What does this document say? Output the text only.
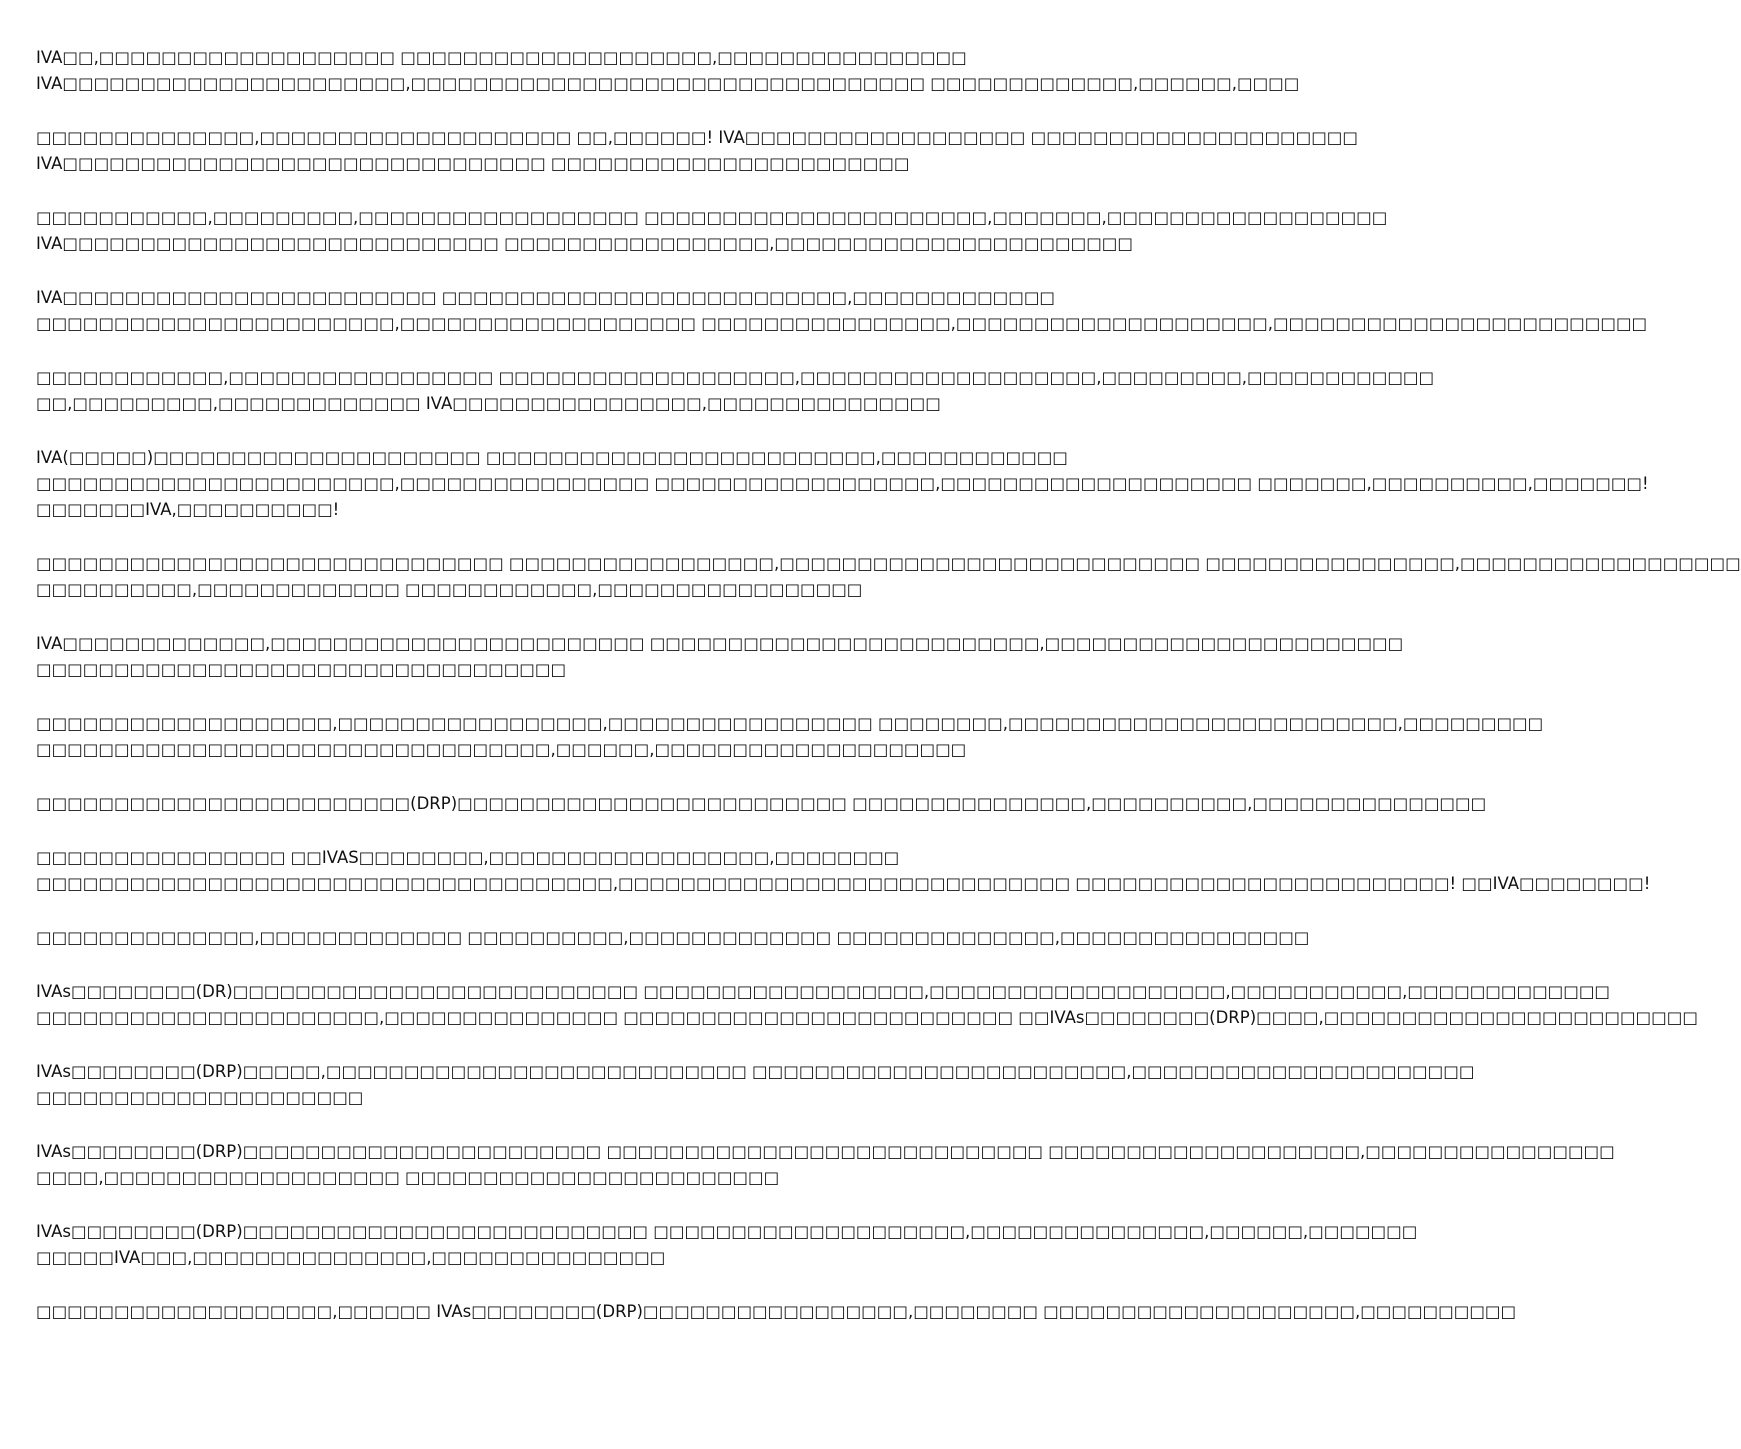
IVA□□,□□□□□□□□□□□□□□□□□□□ □□□□□□□□□□□□□□□□□□□□,□□□□□□□□□□□□□□□□
IVA□□□□□□□□□□□□□□□□□□□□□□,□□□□□□□□□□□□□□□□□□□□□□□□□□□□□□□□□ □□□□□□□□□□□□□,□□□□□□,□□□□

□□□□□□□□□□□□□□,□□□□□□□□□□□□□□□□□□□□ □□,□□□□□□! IVA□□□□□□□□□□□□□□□□□□ □□□□□□□□□□□□□□□□□□□□□
IVA□□□□□□□□□□□□□□□□□□□□□□□□□□□□□□□ □□□□□□□□□□□□□□□□□□□□□□□

□□□□□□□□□□□,□□□□□□□□□,□□□□□□□□□□□□□□□□□□ □□□□□□□□□□□□□□□□□□□□□□,□□□□□□□,□□□□□□□□□□□□□□□□□□
IVA□□□□□□□□□□□□□□□□□□□□□□□□□□□□ □□□□□□□□□□□□□□□□□,□□□□□□□□□□□□□□□□□□□□□□□

IVA□□□□□□□□□□□□□□□□□□□□□□□□ □□□□□□□□□□□□□□□□□□□□□□□□□□,□□□□□□□□□□□□□
□□□□□□□□□□□□□□□□□□□□□□□,□□□□□□□□□□□□□□□□□□□ □□□□□□□□□□□□□□□□,□□□□□□□□□□□□□□□□□□□□,□□□□□□□□□□□□□□□□□□□□□□□□

□□□□□□□□□□□□,□□□□□□□□□□□□□□□□□ □□□□□□□□□□□□□□□□□□□,□□□□□□□□□□□□□□□□□□□,□□□□□□□□□,□□□□□□□□□□□□
□□,□□□□□□□□□,□□□□□□□□□□□□□ IVA□□□□□□□□□□□□□□□□,□□□□□□□□□□□□□□□

IVA(□□□□□)□□□□□□□□□□□□□□□□□□□□□ □□□□□□□□□□□□□□□□□□□□□□□□□,□□□□□□□□□□□□
□□□□□□□□□□□□□□□□□□□□□□□,□□□□□□□□□□□□□□□□ □□□□□□□□□□□□□□□□□□,□□□□□□□□□□□□□□□□□□□□ □□□□□□□,□□□□□□□□□□,□□□□□□□!
□□□□□□□IVA,□□□□□□□□□□!

□□□□□□□□□□□□□□□□□□□□□□□□□□□□□□ □□□□□□□□□□□□□□□□□,□□□□□□□□□□□□□□□□□□□□□□□□□□□ □□□□□□□□□□□□□□□□,□□□□□□□□□□□□□□□□□□
□□□□□□□□□□,□□□□□□□□□□□□□ □□□□□□□□□□□□,□□□□□□□□□□□□□□□□□

IVA□□□□□□□□□□□□□,□□□□□□□□□□□□□□□□□□□□□□□□ □□□□□□□□□□□□□□□□□□□□□□□□□,□□□□□□□□□□□□□□□□□□□□□□□
□□□□□□□□□□□□□□□□□□□□□□□□□□□□□□□□□□

□□□□□□□□□□□□□□□□□□□,□□□□□□□□□□□□□□□□□,□□□□□□□□□□□□□□□□□ □□□□□□□□,□□□□□□□□□□□□□□□□□□□□□□□□□,□□□□□□□□□
□□□□□□□□□□□□□□□□□□□□□□□□□□□□□□□□□,□□□□□□,□□□□□□□□□□□□□□□□□□□□

□□□□□□□□□□□□□□□□□□□□□□□□(DRP)□□□□□□□□□□□□□□□□□□□□□□□□□ □□□□□□□□□□□□□□□,□□□□□□□□□□,□□□□□□□□□□□□□□□

□□□□□□□□□□□□□□□□ □□IVAS□□□□□□□□,□□□□□□□□□□□□□□□□□□,□□□□□□□□
□□□□□□□□□□□□□□□□□□□□□□□□□□□□□□□□□□□□□,□□□□□□□□□□□□□□□□□□□□□□□□□□□□□ □□□□□□□□□□□□□□□□□□□□□□□□! □□IVA□□□□□□□□!

□□□□□□□□□□□□□□,□□□□□□□□□□□□□ □□□□□□□□□□,□□□□□□□□□□□□□ □□□□□□□□□□□□□□,□□□□□□□□□□□□□□□□

IVAs□□□□□□□□(DR)□□□□□□□□□□□□□□□□□□□□□□□□□□ □□□□□□□□□□□□□□□□□□,□□□□□□□□□□□□□□□□□□□,□□□□□□□□□□□,□□□□□□□□□□□□□
□□□□□□□□□□□□□□□□□□□□□□,□□□□□□□□□□□□□□□ □□□□□□□□□□□□□□□□□□□□□□□□□ □□IVAs□□□□□□□□(DRP)□□□□,□□□□□□□□□□□□□□□□□□□□□□□□

IVAs□□□□□□□□(DRP)□□□□□,□□□□□□□□□□□□□□□□□□□□□□□□□□□ □□□□□□□□□□□□□□□□□□□□□□□□,□□□□□□□□□□□□□□□□□□□□□□
□□□□□□□□□□□□□□□□□□□□□

IVAs□□□□□□□□(DRP)□□□□□□□□□□□□□□□□□□□□□□□ □□□□□□□□□□□□□□□□□□□□□□□□□□□□ □□□□□□□□□□□□□□□□□□□□,□□□□□□□□□□□□□□□□
□□□□,□□□□□□□□□□□□□□□□□□□ □□□□□□□□□□□□□□□□□□□□□□□□

IVAs□□□□□□□□(DRP)□□□□□□□□□□□□□□□□□□□□□□□□□□ □□□□□□□□□□□□□□□□□□□□,□□□□□□□□□□□□□□□,□□□□□□,□□□□□□□
□□□□□IVA□□□,□□□□□□□□□□□□□□□,□□□□□□□□□□□□□□□

□□□□□□□□□□□□□□□□□□□,□□□□□□ IVAs□□□□□□□□(DRP)□□□□□□□□□□□□□□□□□,□□□□□□□□ □□□□□□□□□□□□□□□□□□□□,□□□□□□□□□□
